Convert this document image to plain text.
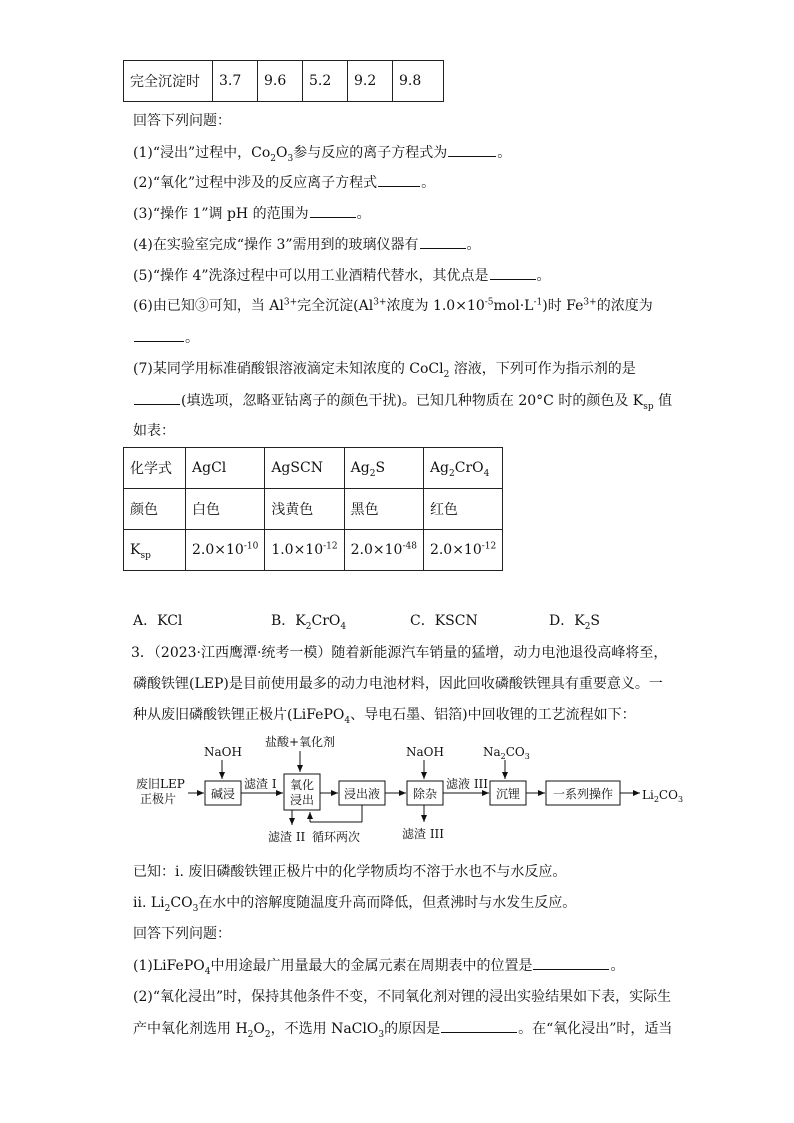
完全沉淀时	3.7	9.6	5.2	9.2	9.8
回答下列问题：
(1)“浸出”过程中，$Co_2O_3$参与反应的离子方程式为	。
(2)“氧化”过程中涉及的反应离子方程式	。
(3)“操作 1”调 pH 的范围为	。
(4)在实验室完成“操作 3”需用到的玻璃仪器有	。
(5)“操作 4”洗涤过程中可以用工业酒精代替水，其优点是	。
(6)由已知③可知，当 $Al^{3+}$完全沉淀($Al^{3+}$浓度为 $1.0\times 10^{-5}mol\cdot L^{-1}$)时 $Fe^{3+}$的浓度为
。
(7)某同学用标准硝酸银溶液滴定未知浓度的 CoCl$_2$ 溶液，下列可作为指示剂的是
(填选项，忽略亚钴离子的颜色干扰)。已知几种物质在 20°C 时的颜色及 $K_{sp}$ 值
如表：
化学式	AgCl	AgSCN	$Ag_2S$	$Ag_2CrO_4$
颜色	白色	浅黄色	黑色	红色
$K_{sp}$	$2.0\times 10^{-10}$	$1.0\times 10^{-12}$	$2.0\times 10^{-48}$	$2.0\times 10^{-12}$
A．KCl	B．$K_2CrO_4$	C．KSCN	D．$K_2S$
3．（2023·江西鹰潭·统考一模）随着新能源汽车销量的猛增，动力电池退役高峰将至，
磷酸铁锂(LEP)是目前使用最多的动力电池材料，因此回收磷酸铁锂具有重要意义。一
种从废旧磷酸铁锂正极片(LiFePO$_4$、导电石墨、铝箔)中回收锂的工艺流程如下：
NaOH
盐酸+氧化剂
NaOH	$Na_2CO_3$
废旧LEP
正极片	碱浸
滤渣 I 氧化
浸出 浸出液
滤渣 II 循环两次
除杂
滤渣 III
滤液 III
沉锂	一系列操作 $Li_2CO_3$
已知：ⅰ. 废旧磷酸铁锂正极片中的化学物质均不溶于水也不与水反应。
ⅱ. $Li_2CO_3$在水中的溶解度随温度升高而降低，但煮沸时与水发生反应。
回答下列问题：
(1)LiFePO$_4$中用途最广用量最大的金属元素在周期表中的位置是	。
(2)“氧化浸出”时，保持其他条件不变，不同氧化剂对锂的浸出实验结果如下表，实际生
产中氧化剂选用 $H_2O_2$，不选用 NaClO$_3$的原因是	。在“氧化浸出”时，适当
